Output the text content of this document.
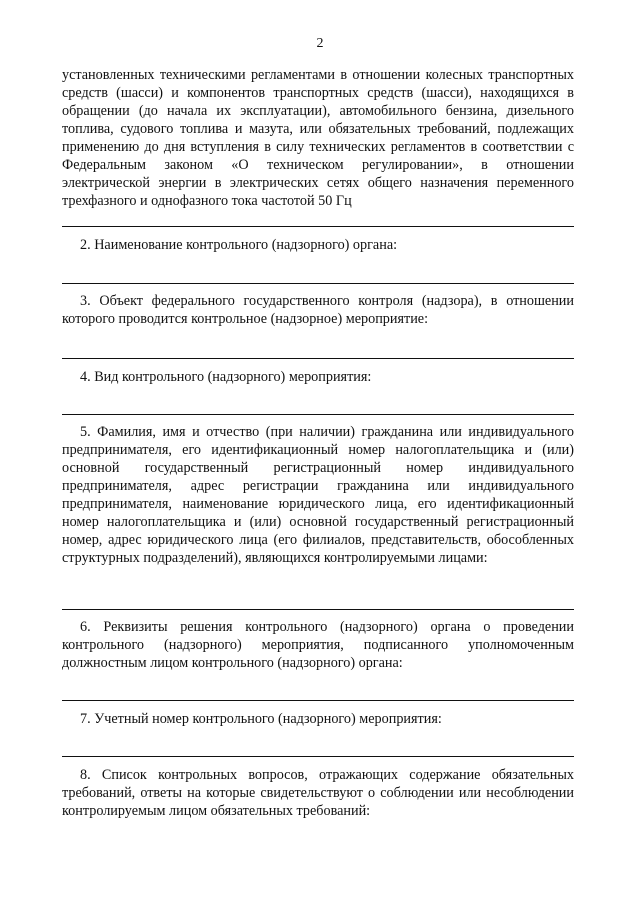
2
установленных техническими регламентами в отношении колесных транспортных средств (шасси) и компонентов транспортных средств (шасси), находящихся в обращении (до начала их эксплуатации), автомобильного бензина, дизельного топлива, судового топлива и мазута, или обязательных требований, подлежащих применению до дня вступления в силу технических регламентов в соответствии с Федеральным законом «О техническом регулировании», в отношении электрической энергии в электрических сетях общего назначения переменного трехфазного и однофазного тока частотой 50 Гц
2. Наименование контрольного (надзорного) органа:
3. Объект федерального государственного контроля (надзора), в отношении которого проводится контрольное (надзорное) мероприятие:
4. Вид контрольного (надзорного) мероприятия:
5. Фамилия, имя и отчество (при наличии) гражданина или индивидуального предпринимателя, его идентификационный номер налогоплательщика и (или) основной государственный регистрационный номер индивидуального предпринимателя, адрес регистрации гражданина или индивидуального предпринимателя, наименование юридического лица, его идентификационный номер налогоплательщика и (или) основной государственный регистрационный номер, адрес юридического лица (его филиалов, представительств, обособленных структурных подразделений), являющихся контролируемыми лицами:
6. Реквизиты решения контрольного (надзорного) органа о проведении контрольного (надзорного) мероприятия, подписанного уполномоченным должностным лицом контрольного (надзорного) органа:
7. Учетный номер контрольного (надзорного) мероприятия:
8. Список контрольных вопросов, отражающих содержание обязательных требований, ответы на которые свидетельствуют о соблюдении или несоблюдении контролируемым лицом обязательных требований:
